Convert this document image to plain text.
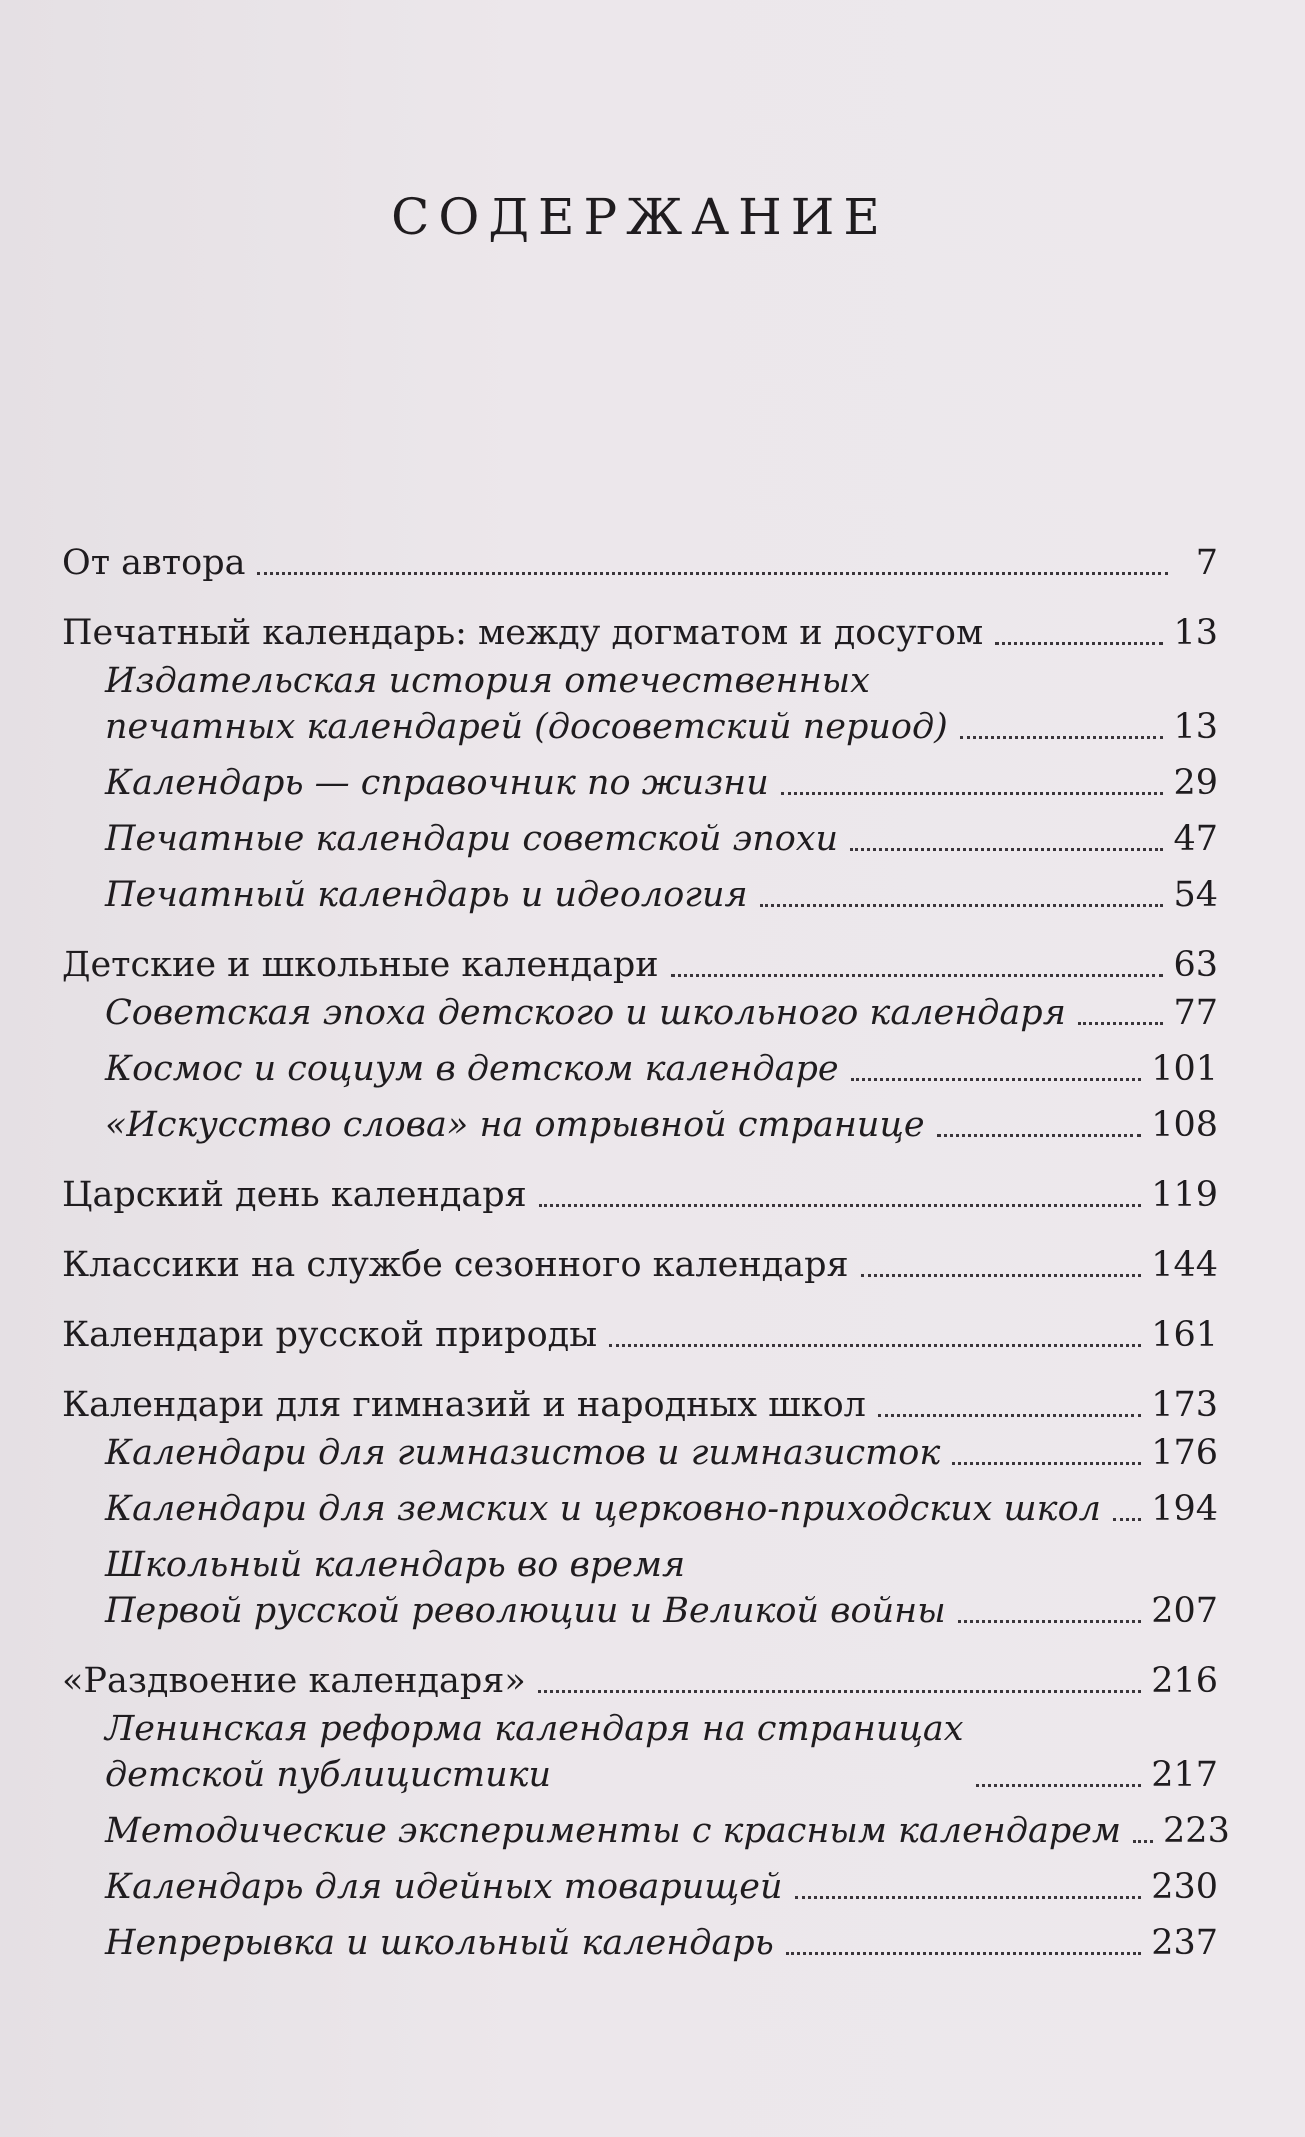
СОДЕРЖАНИЕ
От автора	7
Печатный календарь: между догматом и досугом	13
Издательская история отечественных
печатных календарей (досоветский период)	13
Календарь — справочник по жизни	29
Печатные календари советской эпохи	47
Печатный календарь и идеология	54
Детские и школьные календари	63
Советская эпоха детского и школьного календаря	77
Космос и социум в детском календаре	101
«Искусство слова» на отрывной странице	108
Царский день календаря	119
Классики на службе сезонного календаря	144
Календари русской природы	161
Календари для гимназий и народных школ	173
Календари для гимназистов и гимназисток	176
Календари для земских и церковно-приходских школ 194
Школьный календарь во время
Первой русской революции и Великой войны	207
«Раздвоение календаря»	216
Ленинская реформа календаря на страницах
детской публицистики	217
Методические эксперименты с красным календарем 223
Календарь для идейных товарищей	230
Непрерывка и школьный календарь	237
